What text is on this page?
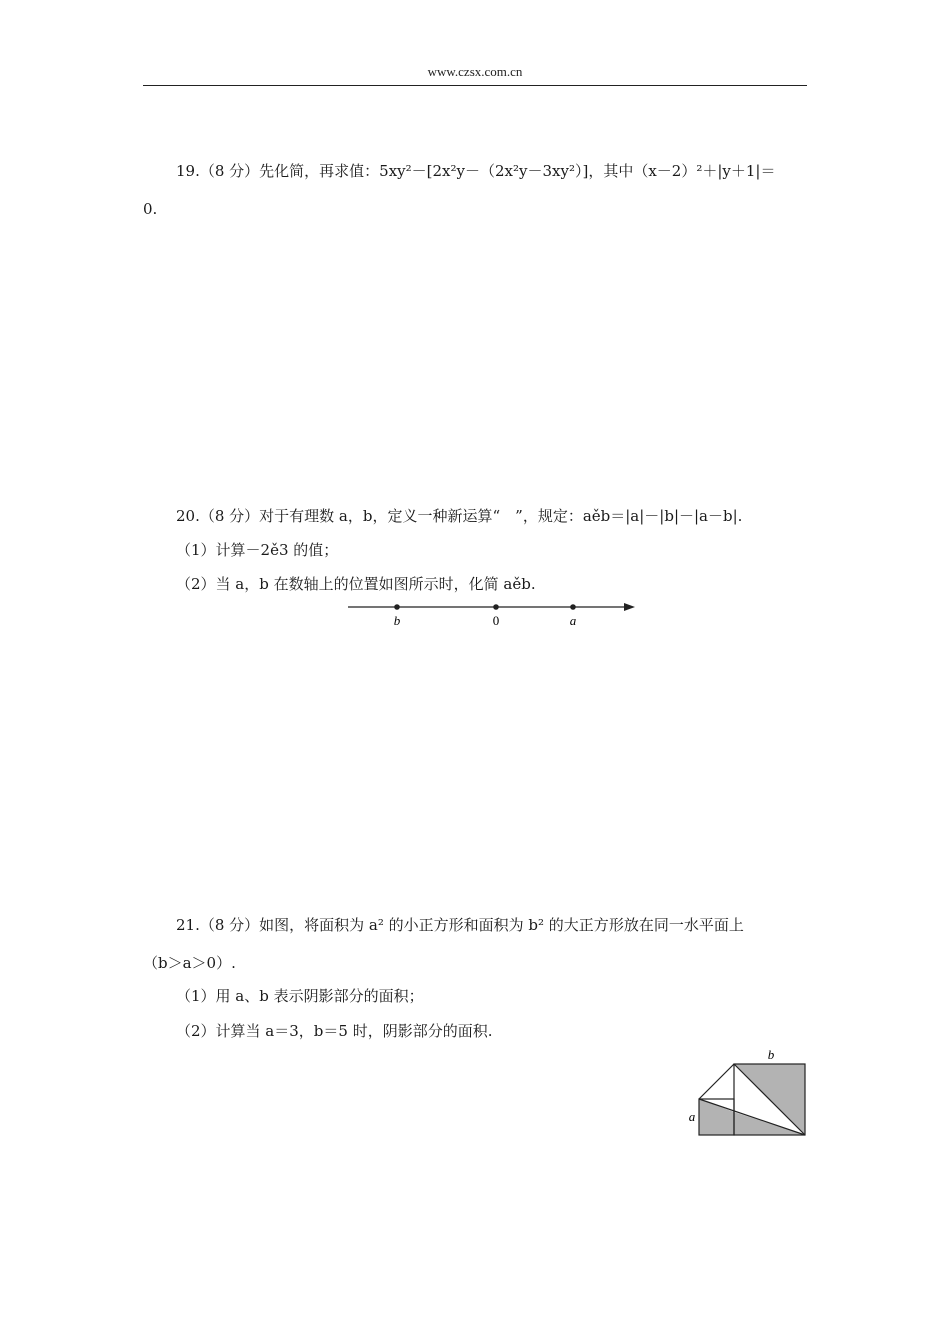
www.czsx.com.cn
19.（8 分）先化简，再求值：5xy²－[2x²y－（2x²y－3xy²）]，其中（x－2）²＋|y＋1|＝
0.
20.（8 分）对于有理数 a，b，定义一种新运算“　”，规定：aěb＝|a|－|b|－|a－b|.
（1）计算－2ě3 的值；
（2）当 a，b 在数轴上的位置如图所示时，化简 aěb.
b	0	a
21.（8 分）如图，将面积为 a² 的小正方形和面积为 b² 的大正方形放在同一水平面上
（b＞a＞0）.
（1）用 a、b 表示阴影部分的面积；
（2）计算当 a＝3，b＝5 时，阴影部分的面积.
b
a
